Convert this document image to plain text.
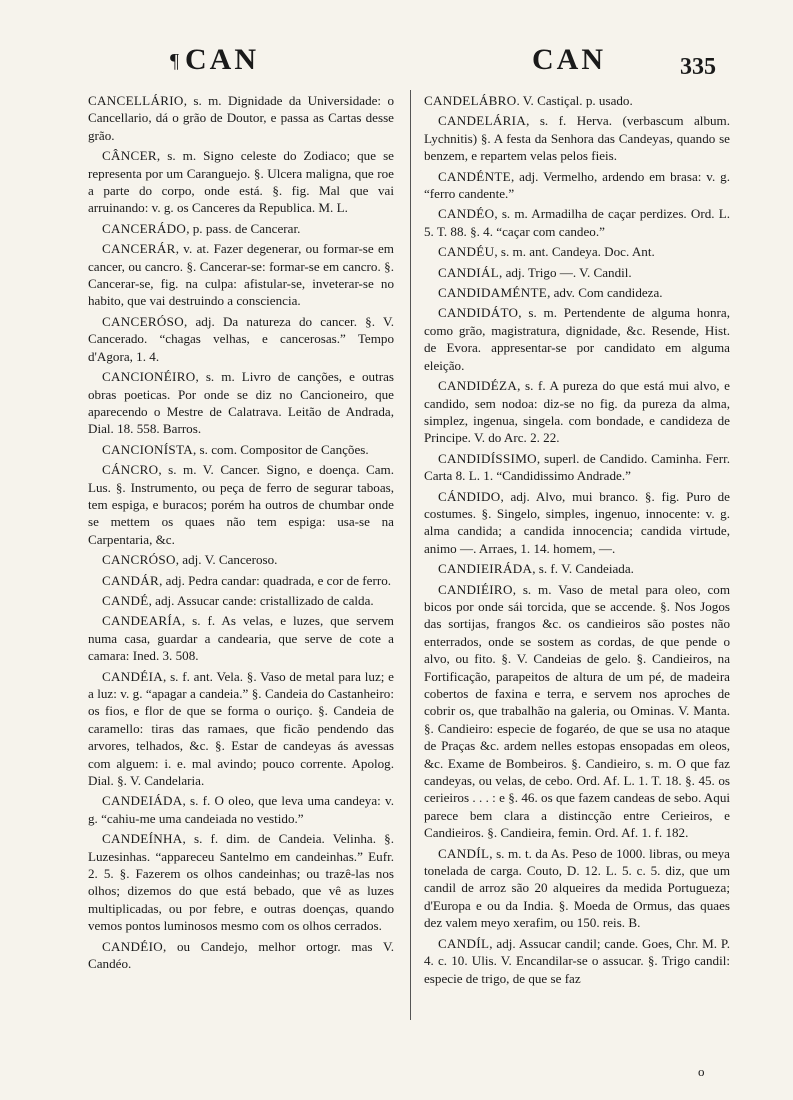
¶ CAN	CAN	335

CANCELLÁRIO, s. m. Dignidade da Universidade: o Cancellario, dá o grão de Doutor, e passa as Cartas desse grão.

CÂNCER, s. m. Signo celeste do Zodiaco; que se representa por um Caranguejo. §. Ulcera maligna, que roe a parte do corpo, onde está. §. fig. Mal que vai arruinando: v. g. os Canceres da Republica. M. L.

CANCERÁDO, p. pass. de Cancerar.

CANCERÁR, v. at. Fazer degenerar, ou formar-se em cancer, ou cancro. §. Cancerar-se: formar-se em cancro. §. Cancerar-se, fig. na culpa: afistular-se, inveterar-se no habito, que vai destruindo a consciencia.

CANCERÓSO, adj. Da natureza do cancer. §. V. Cancerado. “chagas velhas, e cancerosas.” Tempo d'Agora, 1. 4.

CANCIONÉIRO, s. m. Livro de canções, e outras obras poeticas. Por onde se diz no Cancioneiro, que aparecendo o Mestre de Calatrava. Leitão de Andrada, Dial. 18. 558. Barros.

CANCIONÍSTA, s. com. Compositor de Canções.

CÁNCRO, s. m. V. Cancer. Signo, e doença. Cam. Lus. §. Instrumento, ou peça de ferro de segurar taboas, tem espiga, e buracos; porém ha outros de chumbar onde se mettem os quaes não tem espiga: usa-se na Carpentaria, &c.

CANCRÓSO, adj. V. Canceroso.

CANDÁR, adj. Pedra candar: quadrada, e cor de ferro.

CANDÉ, adj. Assucar cande: cristallizado de calda.

CANDEARÍA, s. f. As velas, e luzes, que servem numa casa, guardar a candearia, que serve de cote a camara: Ined. 3. 508.

CANDÉIA, s. f. ant. Vela. §. Vaso de metal para luz; e a luz: v. g. “apagar a candeia.” §. Candeia do Castanheiro: os fios, e flor de que se forma o ouriço. §. Candeia de caramello: tiras das ramaes, que ficão pendendo das arvores, telhados, &c. §. Estar de candeyas ás avessas com alguem: i. e. mal avindo; pouco corrente. Apolog. Dial. §. V. Candelaria.

CANDEIÁDA, s. f. O oleo, que leva uma candeya: v. g. “cahiu-me uma candeiada no vestido.”

CANDEÍNHA, s. f. dim. de Candeia. Velinha. §. Luzesinhas. “appareceu Santelmo em candeinhas.” Eufr. 2. 5. §. Fazerem os olhos candeinhas; ou trazê-las nos olhos; dizemos do que está bebado, que vê as luzes multiplicadas, ou por febre, e outras doenças, quando vemos pontos luminosos mesmo com os olhos cerrados.

CANDÉIO, ou Candejo, melhor ortogr. mas V. Candéo.

CANDELÁBRO. V. Castiçal. p. usado.

CANDELÁRIA, s. f. Herva. (verbascum album. Lychnitis) §. A festa da Senhora das Candeyas, quando se benzem, e repartem velas pelos fieis.

CANDÉNTE, adj. Vermelho, ardendo em brasa: v. g. “ferro candente.”

CANDÉO, s. m. Armadilha de caçar perdizes. Ord. L. 5. T. 88. §. 4. “caçar com candeo.”

CANDÉU, s. m. ant. Candeya. Doc. Ant.

CANDIÁL, adj. Trigo —. V. Candil.

CANDIDAMÉNTE, adv. Com candideza.

CANDIDÁTO, s. m. Pertendente de alguma honra, como grão, magistratura, dignidade, &c. Resende, Hist. de Evora. appresentar-se por candidato em alguma eleição.

CANDIDÉZA, s. f. A pureza do que está mui alvo, e candido, sem nodoa: diz-se no fig. da pureza da alma, simplez, ingenua, singela. com bondade, e candideza de Principe. V. do Arc. 2. 22.

CANDIDÍSSIMO, superl. de Candido. Caminha. Ferr. Carta 8. L. 1. “Candidissimo Andrade.”

CÁNDIDO, adj. Alvo, mui branco. §. fig. Puro de costumes. §. Singelo, simples, ingenuo, innocente: v. g. alma candida; a candida innocencia; candida virtude, animo —. Arraes, 1. 14. homem, —.

CANDIEIRÁDA, s. f. V. Candeiada.

CANDIÉIRO, s. m. Vaso de metal para oleo, com bicos por onde sái torcida, que se accende. §. Nos Jogos das sortijas, frangos &c. os candieiros são postes não enterrados, onde se sostem as cordas, de que pende o alvo, ou fito. §. V. Candeias de gelo. §. Candieiros, na Fortificação, parapeitos de altura de um pé, de madeira cobertos de faxina e terra, e servem nos aproches de cobrir os, que trabalhão na galeria, ou Ominas. V. Manta. §. Candieiro: especie de fogaréo, de que se usa no ataque de Praças &c. ardem nelles estopas ensopadas em oleos, &c. Exame de Bombeiros. §. Candieiro, s. m. O que faz candeyas, ou velas, de cebo. Ord. Af. L. 1. T. 18. §. 45. os cerieiros . . . : e §. 46. os que fazem candeas de sebo. Aqui parece bem clara a distincção entre Cerieiros, e Candieiros. §. Candieira, femin. Ord. Af. 1. f. 182.

CANDÍL, s. m. t. da As. Peso de 1000. libras, ou meya tonelada de carga. Couto, D. 12. L. 5. c. 5. diz, que um candil de arroz são 20 alqueires da medida Portugueza; d'Europa e ou da India. §. Moeda de Ormus, das quaes dez valem meyo xerafim, ou 150. reis. B.

CANDÍL, adj. Assucar candil; cande. Goes, Chr. M. P. 4. c. 10. Ulis. V. Encandilar-se o assucar. §. Trigo candil: especie de trigo, de que se faz

o
